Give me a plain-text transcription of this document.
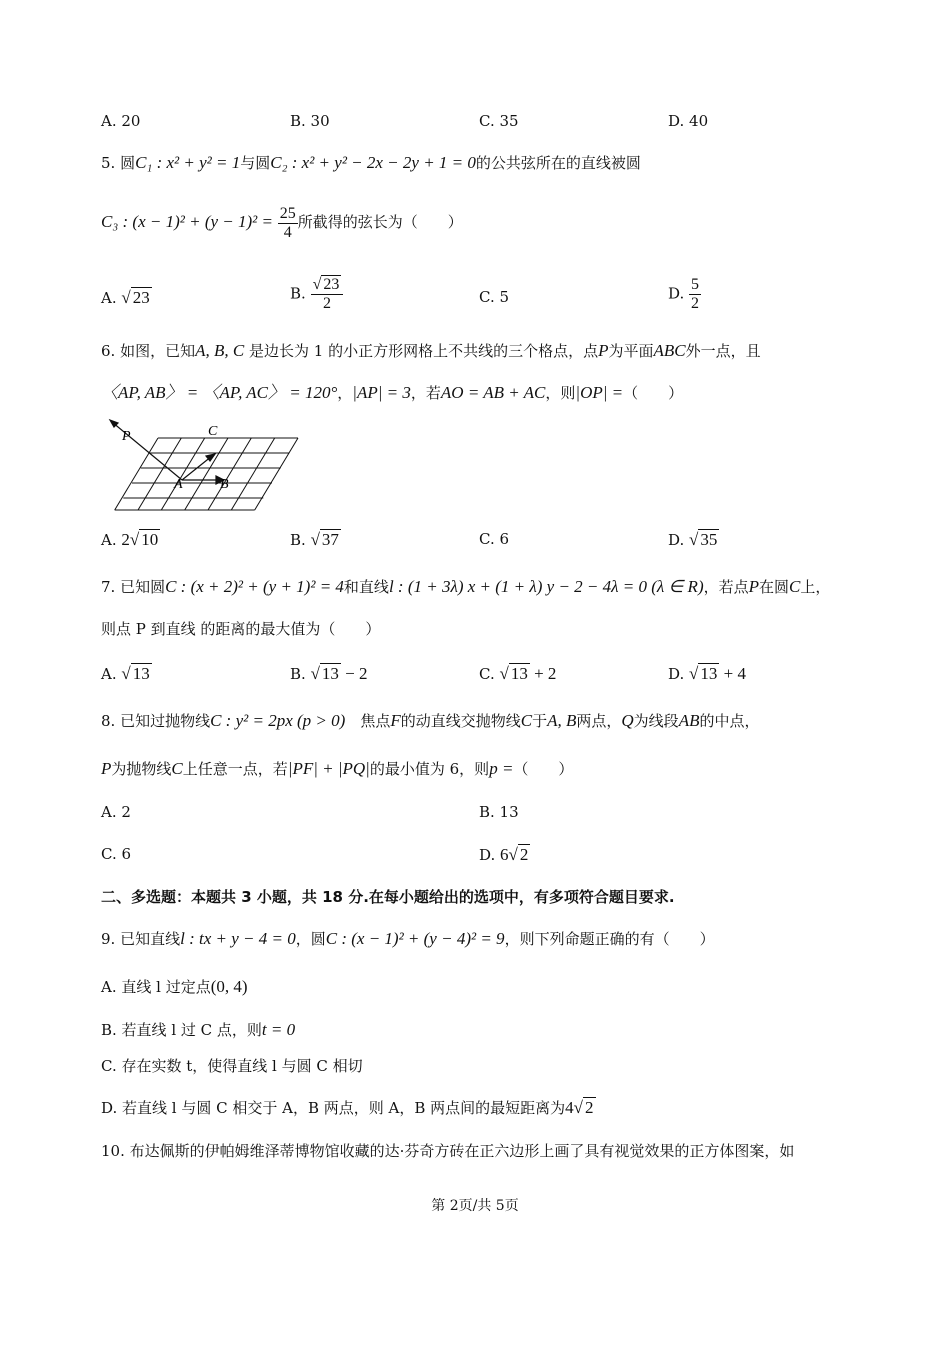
A. 20	B. 30	C. 35	D. 40
5. 圆C₁ : x² + y² = 1与圆C₂ : x² + y² − 2x − 2y + 1 = 0的公共弦所在的直线被圆
C₃ : $(x - 1)^2 + (y - 1)^2 = \frac{25}{4}$ 所截得的弦长为（　　）
A. √ 23	B. $\frac{√ 23}{2}$	C. 5	D. $\frac{5}{2}$
6. 如图，已知A, B, C 是边长为 1 的小正方形网格上不共线的三个格点，点P为平面ABC外一点，且
〈AP, AB〉 = 〈AP, AC〉 = 120°，|AP| = 3，若AO = AB + AC，则|OP| =（　　）
P	C
A	B
A. 2√ 10	B. √ 37	C. 6	D. √ 35
7. 已知圆C : (x + 2)² + (y + 1)² = 4和直线l : (1 + 3λ) x + (1 + λ) y − 2 − 4λ = 0 (λ ∈ R)，若点P在圆C上，
则点 P 到直线 的距离的最大值为（　　）
A. √ 13	B. √ 13 − 2	C. √ 13 + 2	D. √ 13 + 4
8. 已知过抛物线C : y² = 2px (p > 0)　 焦点F的动直线交抛物线C于A, B两点，Q为线段AB的中点，
P为抛物线C上任意一点，若|PF| + |PQ|的最小值为 6，则p =（　　）
A. 2	B. 13
C. 6	D. 6√ 2
二、多选题：本题共 3 小题，共 18 分.在每小题给出的选项中，有多项符合题目要求.
9. 已知直线l : tx + y − 4 = 0，圆C : (x − 1)² + (y − 4)² = 9，则下列命题正确的有（　　）
A. 直线 l 过定点(0, 4)
B. 若直线 l 过 C 点，则t = 0
C. 存在实数 t，使得直线 l 与圆 C 相切
D. 若直线 l 与圆 C 相交于 A，B 两点，则 A，B 两点间的最短距离为4√ 2
10. 布达佩斯的伊帕姆维泽蒂博物馆收藏的达·芬奇方砖在正六边形上画了具有视觉效果的正方体图案，如
第 2页/共 5页
